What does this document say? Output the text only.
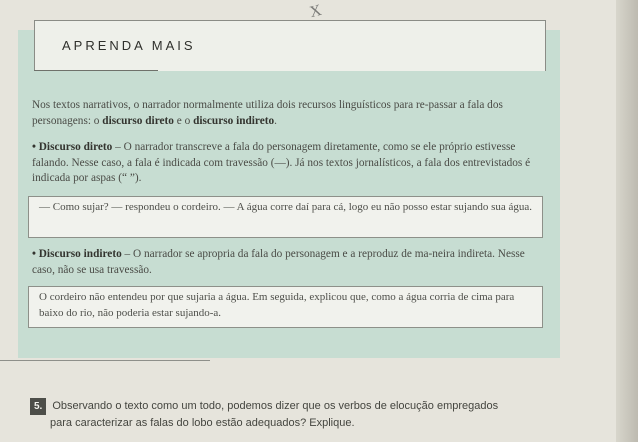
APRENDA MAIS
X
Nos textos narrativos, o narrador normalmente utiliza dois recursos linguísticos para re-passar a fala dos personagens: o discurso direto e o discurso indireto.
• Discurso direto – O narrador transcreve a fala do personagem diretamente, como se ele próprio estivesse falando. Nesse caso, a fala é indicada com travessão (—). Já nos textos jornalísticos, a fala dos entrevistados é indicada por aspas (“ ”).
— Como sujar? — respondeu o cordeiro. — A água corre daí para cá, logo eu não posso estar sujando sua água.
• Discurso indireto – O narrador se apropria da fala do personagem e a reproduz de ma-neira indireta. Nesse caso, não se usa travessão.
O cordeiro não entendeu por que sujaria a água. Em seguida, explicou que, como a água corria de cima para baixo do rio, não poderia estar sujando-a.
5. Observando o texto como um todo, podemos dizer que os verbos de elocução empregados
para caracterizar as falas do lobo estão adequados? Explique.
